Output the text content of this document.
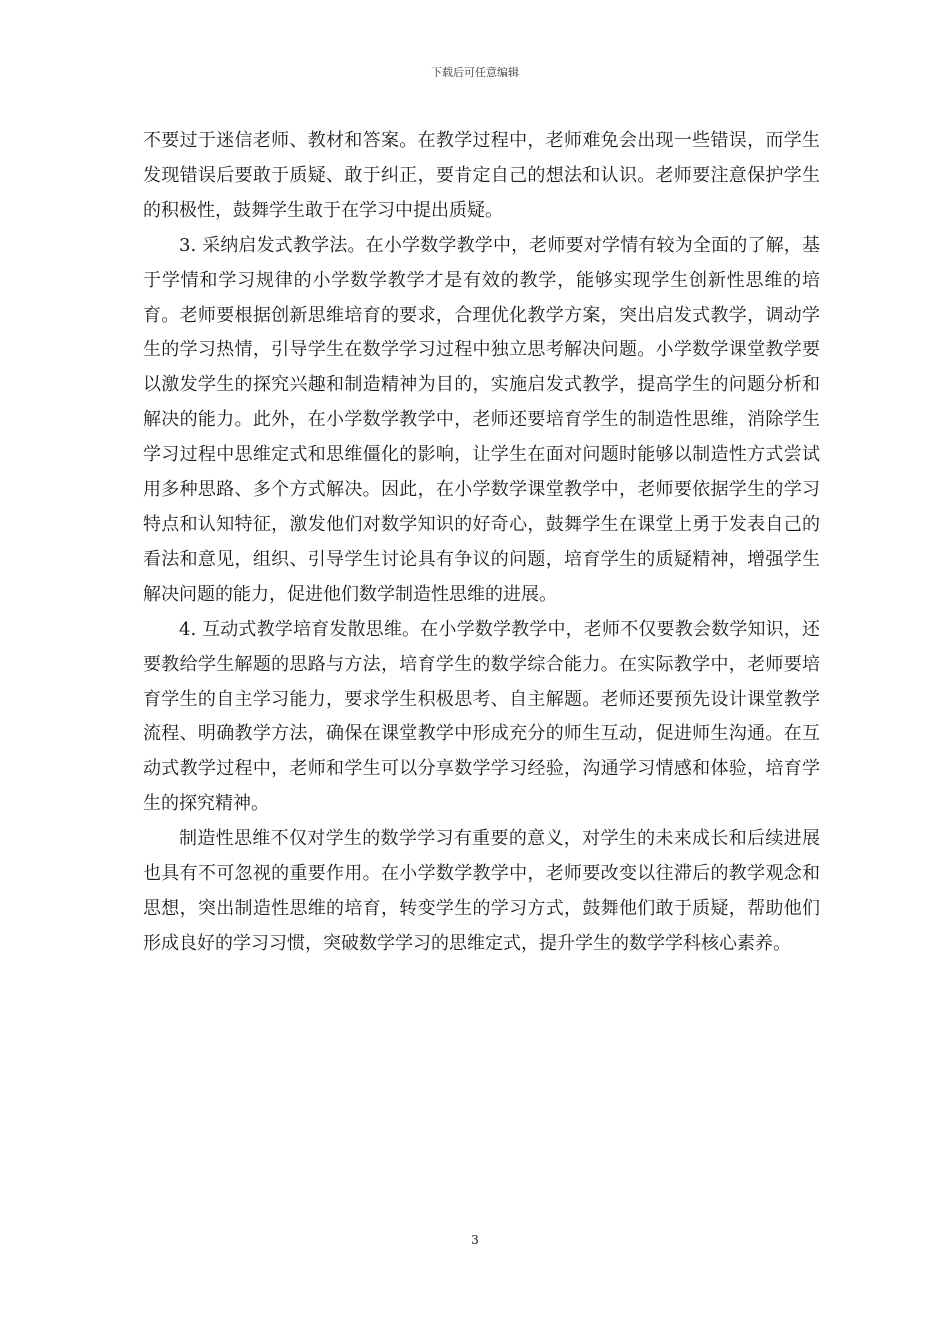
下载后可任意编辑

不要过于迷信老师、教材和答案。在教学过程中，老师难免会出现一些错误，而学生发现错误后要敢于质疑、敢于纠正，要肯定自己的想法和认识。老师要注意保护学生的积极性，鼓舞学生敢于在学习中提出质疑。

3. 采纳启发式教学法。在小学数学教学中，老师要对学情有较为全面的了解，基于学情和学习规律的小学数学教学才是有效的教学，能够实现学生创新性思维的培育。老师要根据创新思维培育的要求，合理优化教学方案，突出启发式教学，调动学生的学习热情，引导学生在数学学习过程中独立思考解决问题。小学数学课堂教学要以激发学生的探究兴趣和制造精神为目的，实施启发式教学，提高学生的问题分析和解决的能力。此外，在小学数学教学中，老师还要培育学生的制造性思维，消除学生学习过程中思维定式和思维僵化的影响，让学生在面对问题时能够以制造性方式尝试用多种思路、多个方式解决。因此，在小学数学课堂教学中，老师要依据学生的学习特点和认知特征，激发他们对数学知识的好奇心，鼓舞学生在课堂上勇于发表自己的看法和意见，组织、引导学生讨论具有争议的问题，培育学生的质疑精神，增强学生解决问题的能力，促进他们数学制造性思维的进展。

4. 互动式教学培育发散思维。在小学数学教学中，老师不仅要教会数学知识，还要教给学生解题的思路与方法，培育学生的数学综合能力。在实际教学中，老师要培育学生的自主学习能力，要求学生积极思考、自主解题。老师还要预先设计课堂教学流程、明确教学方法，确保在课堂教学中形成充分的师生互动，促进师生沟通。在互动式教学过程中，老师和学生可以分享数学学习经验，沟通学习情感和体验，培育学生的探究精神。

制造性思维不仅对学生的数学学习有重要的意义，对学生的未来成长和后续进展也具有不可忽视的重要作用。在小学数学教学中，老师要改变以往滞后的教学观念和思想，突出制造性思维的培育，转变学生的学习方式，鼓舞他们敢于质疑，帮助他们形成良好的学习习惯，突破数学学习的思维定式，提升学生的数学学科核心素养。

3
